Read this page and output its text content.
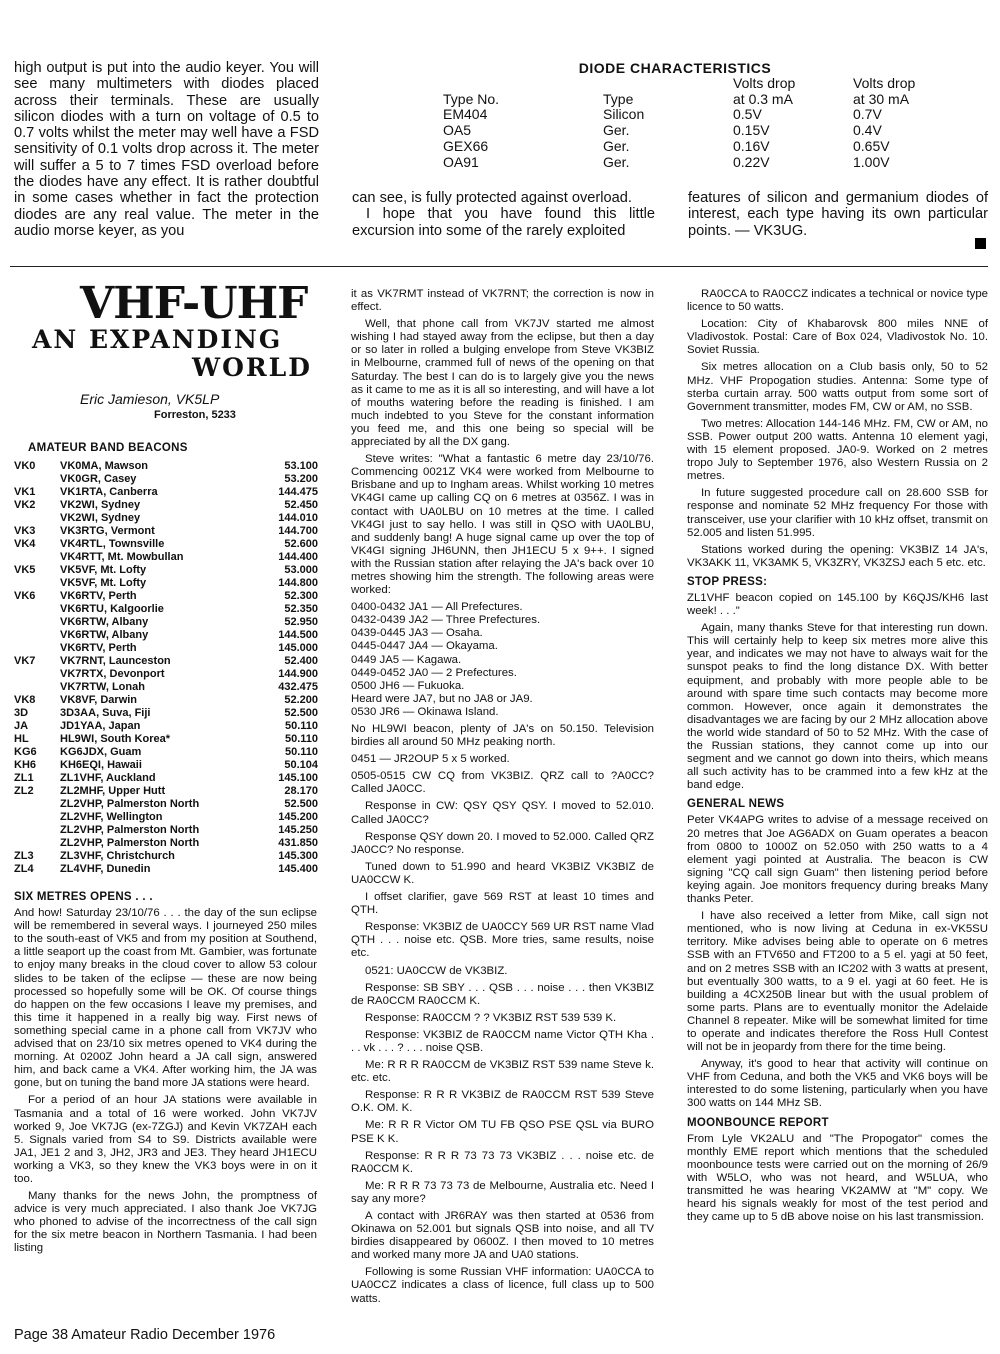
high output is put into the audio keyer. You will see many multimeters with diodes placed across their terminals. These are usually silicon diodes with a turn on voltage of 0.5 to 0.7 volts whilst the meter may well have a FSD sensitivity of 0.1 volts drop across it. The meter will suffer a 5 to 7 times FSD overload before the diodes have any effect. It is rather doubtful in some cases whether in fact the protection diodes are any real value. The meter in the audio morse keyer, as you

DIODE CHARACTERISTICS
		Volts drop	Volts drop
Type No.	Type	at 0.3 mA	at 30 mA
EM404	Silicon	0.5V	0.7V
OA5	Ger.	0.15V	0.4V
GEX66	Ger.	0.16V	0.65V
OA91	Ger.	0.22V	1.00V

can see, is fully protected against overload.

I hope that you have found this little excursion into some of the rarely exploited

features of silicon and germanium diodes of interest, each type having its own particular points. — VK3UG.

VHF-UHF
AN EXPANDING
WORLD
Eric Jamieson, VK5LP
Forreston, 5233
AMATEUR BAND BEACONS
VK0	VK0MA, Mawson	53.100
	VK0GR, Casey	53.200
VK1	VK1RTA, Canberra	144.475
VK2	VK2WI, Sydney	52.450
	VK2WI, Sydney	144.010
VK3	VK3RTG, Vermont	144.700
VK4	VK4RTL, Townsville	52.600
	VK4RTT, Mt. Mowbullan	144.400
VK5	VK5VF, Mt. Lofty	53.000
	VK5VF, Mt. Lofty	144.800
VK6	VK6RTV, Perth	52.300
	VK6RTU, Kalgoorlie	52.350
	VK6RTW, Albany	52.950
	VK6RTW, Albany	144.500
	VK6RTV, Perth	145.000
VK7	VK7RNT, Launceston	52.400
	VK7RTX, Devonport	144.900
	VK7RTW, Lonah	432.475
VK8	VK8VF, Darwin	52.200
3D	3D3AA, Suva, Fiji	52.500
JA	JD1YAA, Japan	50.110
HL	HL9WI, South Korea*	50.110
KG6	KG6JDX, Guam	50.110
KH6	KH6EQI, Hawaii	50.104
ZL1	ZL1VHF, Auckland	145.100
ZL2	ZL2MHF, Upper Hutt	28.170
	ZL2VHP, Palmerston North	52.500
	ZL2VHF, Wellington	145.200
	ZL2VHP, Palmerston North	145.250
	ZL2VHP, Palmerston North	431.850
ZL3	ZL3VHF, Christchurch	145.300
ZL4	ZL4VHF, Dunedin	145.400
SIX METRES OPENS . . .

And how! Saturday 23/10/76 . . . the day of the sun eclipse will be remembered in several ways. I journeyed 250 miles to the south-east of VK5 and from my position at Southend, a little seaport up the coast from Mt. Gambier, was fortunate to enjoy many breaks in the cloud cover to allow 53 colour slides to be taken of the eclipse — these are now being processed so hopefully some will be OK. Of course things do happen on the few occasions I leave my premises, and this time it happened in a really big way. First news of something special came in a phone call from VK7JV who advised that on 23/10 six metres opened to VK4 during the morning. At 0200Z John heard a JA call sign, answered him, and back came a VK4. After working him, the JA was gone, but on tuning the band more JA stations were heard.

For a period of an hour JA stations were available in Tasmania and a total of 16 were worked. John VK7JV worked 9, Joe VK7JG (ex-7ZGJ) and Kevin VK7ZAH each 5. Signals varied from S4 to S9. Districts available were JA1, JE1 2 and 3, JH2, JR3 and JE3. They heard JH1ECU working a VK3, so they knew the VK3 boys were in on it too.

Many thanks for the news John, the promptness of advice is very much appreciated. I also thank Joe VK7JG who phoned to advise of the incorrectness of the call sign for the six metre beacon in Northern Tasmania. I had been listing

it as VK7RMT instead of VK7RNT; the correction is now in effect.

Well, that phone call from VK7JV started me almost wishing I had stayed away from the eclipse, but then a day or so later in rolled a bulging envelope from Steve VK3BIZ in Melbourne, crammed full of news of the opening on that Saturday. The best I can do is to largely give you the news as it came to me as it is all so interesting, and will have a lot of mouths watering before the reading is finished. I am much indebted to you Steve for the constant information you feed me, and this one being so special will be appreciated by all the DX gang.

Steve writes: "What a fantastic 6 metre day 23/10/76. Commencing 0021Z VK4 were worked from Melbourne to Brisbane and up to Ingham areas. Whilst working 10 metres VK4GI came up calling CQ on 6 metres at 0356Z. I was in contact with UA0LBU on 10 metres at the time. I called VK4GI just to say hello. I was still in QSO with UA0LBU, and suddenly bang! A huge signal came up over the top of VK4GI signing JH6UNN, then JH1ECU 5 x 9++. I signed with the Russian station after relaying the JA's back over 10 metres showing him the strength. The following areas were worked:

0400-0432 JA1 — All Prefectures.

0432-0439 JA2 — Three Prefectures.

0439-0445 JA3 — Osaha.

0445-0447 JA4 — Okayama.

0449 JA5 — Kagawa.

0449-0452 JA0 — 2 Prefectures.

0500 JH6 — Fukuoka.

Heard were JA7, but no JA8 or JA9.

0530 JR6 — Okinawa Island.

No HL9WI beacon, plenty of JA's on 50.150. Television birdies all around 50 MHz peaking north.

0451 — JR2OUP 5 x 5 worked.

0505-0515 CW CQ from VK3BIZ. QRZ call to ?A0CC? Called JA0CC.

Response in CW: QSY QSY QSY. I moved to 52.010. Called JA0CC?

Response QSY down 20. I moved to 52.000. Called QRZ JA0CC? No response.

Tuned down to 51.990 and heard VK3BIZ VK3BIZ de UA0CCW K.

I offset clarifier, gave 569 RST at least 10 times and QTH.

Response: VK3BIZ de UA0CCY 569 UR RST name Vlad QTH . . . noise etc. QSB. More tries, same results, noise etc.

0521: UA0CCW de VK3BIZ.

Response: SB SBY . . . QSB . . . noise . . . then VK3BIZ de RA0CCM RA0CCM K.

Response: RA0CCM ? ? VK3BIZ RST 539 539 K.

Response: VK3BIZ de RA0CCM name Victor QTH Kha . . . vk . . . ? . . . noise QSB.

Me: R R R RA0CCM de VK3BIZ RST 539 name Steve k. etc. etc.

Response: R R R VK3BIZ de RA0CCM RST 539 Steve O.K. OM. K.

Me: R R R Victor OM TU FB QSO PSE QSL via BURO PSE K K.

Response: R R R 73 73 73 VK3BIZ . . . noise etc. de RA0CCM K.

Me: R R R 73 73 73 de Melbourne, Australia etc. Need I say any more?

A contact with JR6RAY was then started at 0536 from Okinawa on 52.001 but signals QSB into noise, and all TV birdies disappeared by 0600Z. I then moved to 10 metres and worked many more JA and UA0 stations.

Following is some Russian VHF information: UA0CCA to UA0CCZ indicates a class of licence, full class up to 500 watts.

RA0CCA to RA0CCZ indicates a technical or novice type licence to 50 watts.

Location: City of Khabarovsk 800 miles NNE of Vladivostok. Postal: Care of Box 024, Vladivostok No. 10. Soviet Russia.

Six metres allocation on a Club basis only, 50 to 52 MHz. VHF Propogation studies. Antenna: Some type of sterba curtain array. 500 watts output from some sort of Government transmitter, modes FM, CW or AM, no SSB.

Two metres: Allocation 144-146 MHz. FM, CW or AM, no SSB. Power output 200 watts. Antenna 10 element yagi, with 15 element proposed. JA0-9. Worked on 2 metres tropo July to September 1976, also Western Russia on 2 metres.

In future suggested procedure call on 28.600 SSB for response and nominate 52 MHz frequency For those with transceiver, use your clarifier with 10 kHz offset, transmit on 52.005 and listen 51.995.

Stations worked during the opening: VK3BIZ 14 JA's, VK3AKK 11, VK3AMK 5, VK3ZRY, VK3ZSJ each 5 etc. etc.

STOP PRESS:

ZL1VHF beacon copied on 145.100 by K6QJS/KH6 last week! . . ."

Again, many thanks Steve for that interesting run down. This will certainly help to keep six metres more alive this year, and indicates we may not have to always wait for the sunspot peaks to find the long distance DX. With better equipment, and probably with more people able to be around with spare time such contacts may become more common. However, once again it demonstrates the disadvantages we are facing by our 2 MHz allocation above the world wide standard of 50 to 52 MHz. With the case of the Russian stations, they cannot come up into our segment and we cannot go down into theirs, which means all such activity has to be crammed into a few kHz at the band edge.

GENERAL NEWS

Peter VK4APG writes to advise of a message received on 20 metres that Joe AG6ADX on Guam operates a beacon from 0800 to 1000Z on 52.050 with 250 watts to a 4 element yagi pointed at Australia. The beacon is CW signing "CQ call sign Guam" then listening period before keying again. Joe monitors frequency during breaks Many thanks Peter.

I have also received a letter from Mike, call sign not mentioned, who is now living at Ceduna in ex-VK5SU territory. Mike advises being able to operate on 6 metres SSB with an FTV650 and FT200 to a 5 el. yagi at 50 feet, and on 2 metres SSB with an IC202 with 3 watts at present, but eventually 300 watts, to a 9 el. yagi at 60 feet. He is building a 4CX250B linear but with the usual problem of some parts. Plans are to eventually monitor the Adelaide Channel 8 repeater. Mike will be somewhat limited for time to operate and indicates therefore the Ross Hull Contest will not be in jeopardy from there for the time being.

Anyway, it's good to hear that activity will continue on VHF from Ceduna, and both the VK5 and VK6 boys will be interested to do some listening, particularly when you have 300 watts on 144 MHz SB.

MOONBOUNCE REPORT

From Lyle VK2ALU and "The Propogator" comes the monthly EME report which mentions that the scheduled moonbounce tests were carried out on the morning of 26/9 with W5LO, who was not heard, and W5LUA, who transmitted he was hearing VK2AMW at "M" copy. We heard his signals weakly for most of the test period and they came up to 5 dB above noise on his last transmission.

Page 38 Amateur Radio December 1976
